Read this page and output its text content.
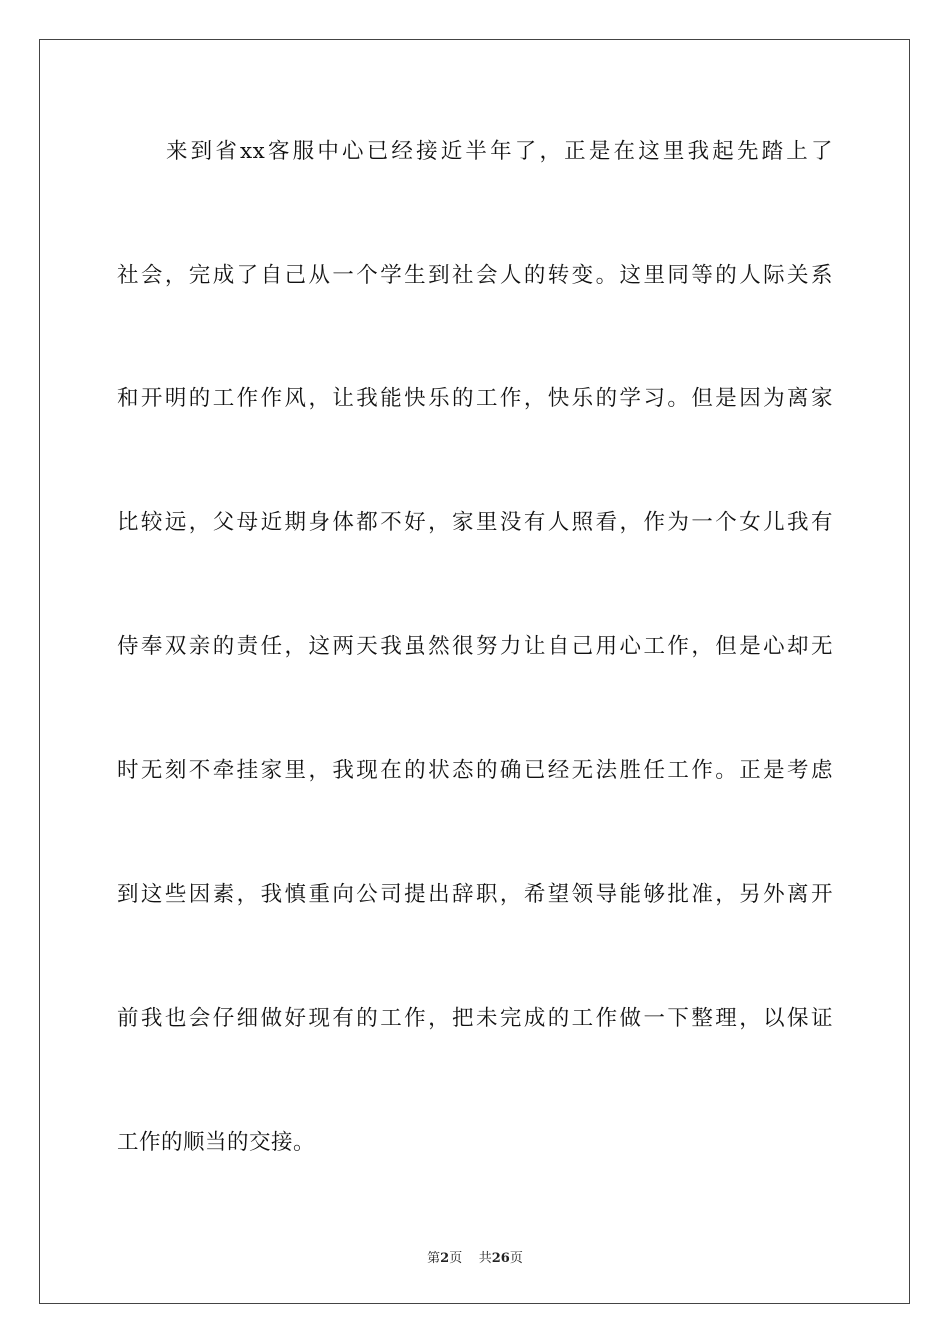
来到省xx客服中心已经接近半年了，正是在这里我起先踏上了
社会，完成了自己从一个学生到社会人的转变。这里同等的人际关系
和开明的工作作风，让我能快乐的工作，快乐的学习。但是因为离家
比较远，父母近期身体都不好，家里没有人照看，作为一个女儿我有
侍奉双亲的责任，这两天我虽然很努力让自己用心工作，但是心却无
时无刻不牵挂家里，我现在的状态的确已经无法胜任工作。正是考虑
到这些因素，我慎重向公司提出辞职，希望领导能够批准，另外离开
前我也会仔细做好现有的工作，把未完成的工作做一下整理，以保证
工作的顺当的交接。
第2页 共26页
